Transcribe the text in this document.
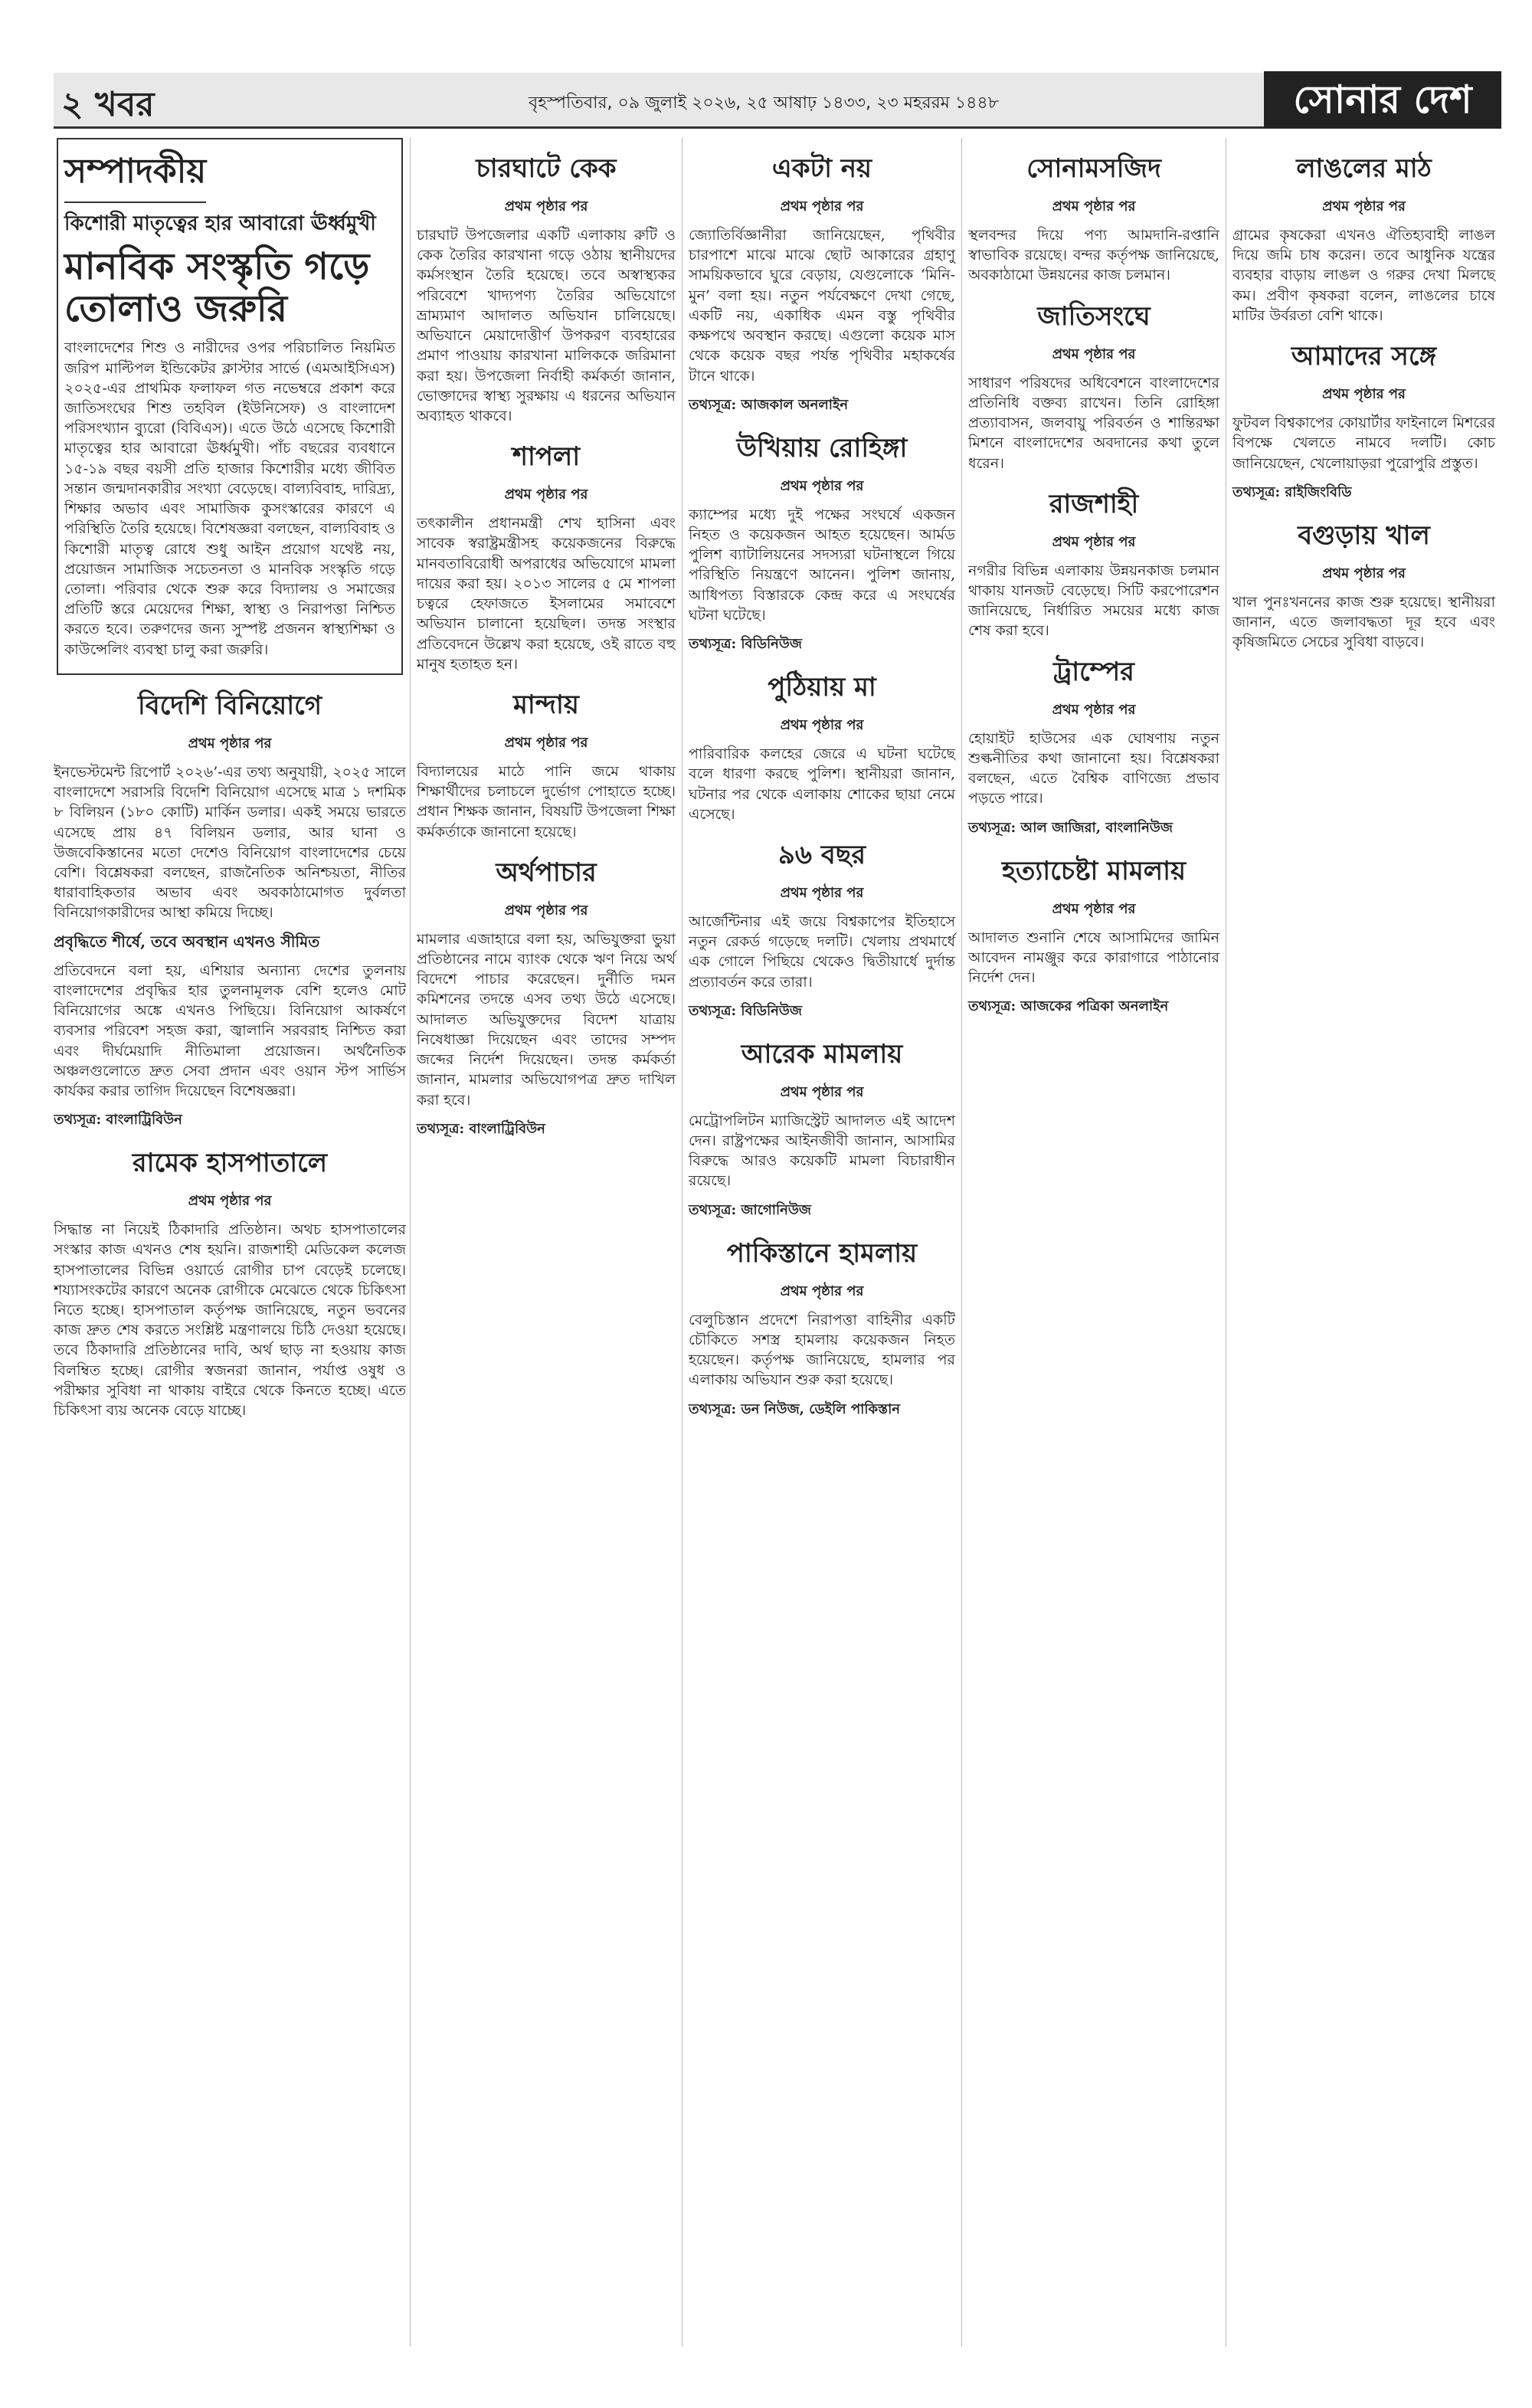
২ খবর	বৃহস্পতিবার, ০৯ জুলাই ২০২৬, ২৫ আষাঢ় ১৪৩৩, ২৩ মহররম ১৪৪৮	সোনার দেশ
সম্পাদকীয়
কিশোরী মাতৃত্বের হার আবারো ঊর্ধ্বমুখী
মানবিক সংস্কৃতি গড়ে তোলাও জরুরি

বাংলাদেশের শিশু ও নারীদের ওপর পরিচালিত নিয়মিত জরিপ মাল্টিপল ইন্ডিকেটর ক্লাস্টার সার্ভে (এমআইসিএস) ২০২৫-এর প্রাথমিক ফলাফল গত নভেম্বরে প্রকাশ করে জাতিসংঘের শিশু তহবিল (ইউনিসেফ) ও বাংলাদেশ পরিসংখ্যান ব্যুরো (বিবিএস)। এতে উঠে এসেছে কিশোরী মাতৃত্বের হার আবারো ঊর্ধ্বমুখী। পাঁচ বছরের ব্যবধানে ১৫-১৯ বছর বয়সী প্রতি হাজার কিশোরীর মধ্যে জীবিত সন্তান জন্মদানকারীর সংখ্যা বেড়েছে। বাল্যবিবাহ, দারিদ্র্য, শিক্ষার অভাব এবং সামাজিক কুসংস্কারের কারণে এ পরিস্থিতি তৈরি হয়েছে। বিশেষজ্ঞরা বলছেন, বাল্যবিবাহ ও কিশোরী মাতৃত্ব রোধে শুধু আইন প্রয়োগ যথেষ্ট নয়, প্রয়োজন সামাজিক সচেতনতা ও মানবিক সংস্কৃতি গড়ে তোলা। পরিবার থেকে শুরু করে বিদ্যালয় ও সমাজের প্রতিটি স্তরে মেয়েদের শিক্ষা, স্বাস্থ্য ও নিরাপত্তা নিশ্চিত করতে হবে। তরুণদের জন্য সুস্পষ্ট প্রজনন স্বাস্থ্যশিক্ষা ও কাউন্সেলিং ব্যবস্থা চালু করা জরুরি।

বিদেশি বিনিয়োগে
প্রথম পৃষ্ঠার পর

ইনভেস্টমেন্ট রিপোর্ট ২০২৬’-এর তথ্য অনুযায়ী, ২০২৫ সালে বাংলাদেশে সরাসরি বিদেশি বিনিয়োগ এসেছে মাত্র ১ দশমিক ৮ বিলিয়ন (১৮০ কোটি) মার্কিন ডলার। একই সময়ে ভারতে এসেছে প্রায় ৪৭ বিলিয়ন ডলার, আর ঘানা ও উজবেকিস্তানের মতো দেশেও বিনিয়োগ বাংলাদেশের চেয়ে বেশি। বিশ্লেষকরা বলছেন, রাজনৈতিক অনিশ্চয়তা, নীতির ধারাবাহিকতার অভাব এবং অবকাঠামোগত দুর্বলতা বিনিয়োগকারীদের আস্থা কমিয়ে দিচ্ছে।

প্রবৃদ্ধিতে শীর্ষে, তবে অবস্থান এখনও সীমিত

প্রতিবেদনে বলা হয়, এশিয়ার অন্যান্য দেশের তুলনায় বাংলাদেশের প্রবৃদ্ধির হার তুলনামূলক বেশি হলেও মোট বিনিয়োগের অঙ্কে এখনও পিছিয়ে। বিনিয়োগ আকর্ষণে ব্যবসার পরিবেশ সহজ করা, জ্বালানি সরবরাহ নিশ্চিত করা এবং দীর্ঘমেয়াদি নীতিমালা প্রয়োজন। অর্থনৈতিক অঞ্চলগুলোতে দ্রুত সেবা প্রদান এবং ওয়ান স্টপ সার্ভিস কার্যকর করার তাগিদ দিয়েছেন বিশেষজ্ঞরা।

তথ্যসূত্র: বাংলাট্রিবিউন
রামেক হাসপাতালে
প্রথম পৃষ্ঠার পর

সিদ্ধান্ত না নিয়েই ঠিকাদারি প্রতিষ্ঠান। অথচ হাসপাতালের সংস্কার কাজ এখনও শেষ হয়নি। রাজশাহী মেডিকেল কলেজ হাসপাতালের বিভিন্ন ওয়ার্ডে রোগীর চাপ বেড়েই চলেছে। শয্যাসংকটের কারণে অনেক রোগীকে মেঝেতে থেকে চিকিৎসা নিতে হচ্ছে। হাসপাতাল কর্তৃপক্ষ জানিয়েছে, নতুন ভবনের কাজ দ্রুত শেষ করতে সংশ্লিষ্ট মন্ত্রণালয়ে চিঠি দেওয়া হয়েছে। তবে ঠিকাদারি প্রতিষ্ঠানের দাবি, অর্থ ছাড় না হওয়ায় কাজ বিলম্বিত হচ্ছে। রোগীর স্বজনরা জানান, পর্যাপ্ত ওষুধ ও পরীক্ষার সুবিধা না থাকায় বাইরে থেকে কিনতে হচ্ছে। এতে চিকিৎসা ব্যয় অনেক বেড়ে যাচ্ছে।

চারঘাটে কেক
প্রথম পৃষ্ঠার পর

চারঘাট উপজেলার একটি এলাকায় রুটি ও কেক তৈরির কারখানা গড়ে ওঠায় স্থানীয়দের কর্মসংস্থান তৈরি হয়েছে। তবে অস্বাস্থ্যকর পরিবেশে খাদ্যপণ্য তৈরির অভিযোগে ভ্রাম্যমাণ আদালত অভিযান চালিয়েছে। অভিযানে মেয়াদোত্তীর্ণ উপকরণ ব্যবহারের প্রমাণ পাওয়ায় কারখানা মালিককে জরিমানা করা হয়। উপজেলা নির্বাহী কর্মকর্তা জানান, ভোক্তাদের স্বাস্থ্য সুরক্ষায় এ ধরনের অভিযান অব্যাহত থাকবে।

শাপলা
প্রথম পৃষ্ঠার পর

তৎকালীন প্রধানমন্ত্রী শেখ হাসিনা এবং সাবেক স্বরাষ্ট্রমন্ত্রীসহ কয়েকজনের বিরুদ্ধে মানবতাবিরোধী অপরাধের অভিযোগে মামলা দায়ের করা হয়। ২০১৩ সালের ৫ মে শাপলা চত্বরে হেফাজতে ইসলামের সমাবেশে অভিযান চালানো হয়েছিল। তদন্ত সংস্থার প্রতিবেদনে উল্লেখ করা হয়েছে, ওই রাতে বহু মানুষ হতাহত হন।

মান্দায়
প্রথম পৃষ্ঠার পর

বিদ্যালয়ের মাঠে পানি জমে থাকায় শিক্ষার্থীদের চলাচলে দুর্ভোগ পোহাতে হচ্ছে। প্রধান শিক্ষক জানান, বিষয়টি উপজেলা শিক্ষা কর্মকর্তাকে জানানো হয়েছে।

অর্থপাচার
প্রথম পৃষ্ঠার পর

মামলার এজাহারে বলা হয়, অভিযুক্তরা ভুয়া প্রতিষ্ঠানের নামে ব্যাংক থেকে ঋণ নিয়ে অর্থ বিদেশে পাচার করেছেন। দুর্নীতি দমন কমিশনের তদন্তে এসব তথ্য উঠে এসেছে। আদালত অভিযুক্তদের বিদেশ যাত্রায় নিষেধাজ্ঞা দিয়েছেন এবং তাদের সম্পদ জব্দের নির্দেশ দিয়েছেন। তদন্ত কর্মকর্তা জানান, মামলার অভিযোগপত্র দ্রুত দাখিল করা হবে।

তথ্যসূত্র: বাংলাট্রিবিউন
একটা নয়
প্রথম পৃষ্ঠার পর

জ্যোতির্বিজ্ঞানীরা জানিয়েছেন, পৃথিবীর চারপাশে মাঝে মাঝে ছোট আকারের গ্রহাণু সাময়িকভাবে ঘুরে বেড়ায়, যেগুলোকে ‘মিনি-মুন’ বলা হয়। নতুন পর্যবেক্ষণে দেখা গেছে, একটি নয়, একাধিক এমন বস্তু পৃথিবীর কক্ষপথে অবস্থান করছে। এগুলো কয়েক মাস থেকে কয়েক বছর পর্যন্ত পৃথিবীর মহাকর্ষের টানে থাকে।

তথ্যসূত্র: আজকাল অনলাইন
উখিয়ায় রোহিঙ্গা
প্রথম পৃষ্ঠার পর

ক্যাম্পের মধ্যে দুই পক্ষের সংঘর্ষে একজন নিহত ও কয়েকজন আহত হয়েছেন। আর্মড পুলিশ ব্যাটালিয়নের সদস্যরা ঘটনাস্থলে গিয়ে পরিস্থিতি নিয়ন্ত্রণে আনেন। পুলিশ জানায়, আধিপত্য বিস্তারকে কেন্দ্র করে এ সংঘর্ষের ঘটনা ঘটেছে।

তথ্যসূত্র: বিডিনিউজ
পুঠিয়ায় মা
প্রথম পৃষ্ঠার পর

পারিবারিক কলহের জেরে এ ঘটনা ঘটেছে বলে ধারণা করছে পুলিশ। স্থানীয়রা জানান, ঘটনার পর থেকে এলাকায় শোকের ছায়া নেমে এসেছে।

৯৬ বছর
প্রথম পৃষ্ঠার পর

আর্জেন্টিনার এই জয়ে বিশ্বকাপের ইতিহাসে নতুন রেকর্ড গড়েছে দলটি। খেলায় প্রথমার্ধে এক গোলে পিছিয়ে থেকেও দ্বিতীয়ার্ধে দুর্দান্ত প্রত্যাবর্তন করে তারা।

তথ্যসূত্র: বিডিনিউজ
আরেক মামলায়
প্রথম পৃষ্ঠার পর

মেট্রোপলিটন ম্যাজিস্ট্রেট আদালত এই আদেশ দেন। রাষ্ট্রপক্ষের আইনজীবী জানান, আসামির বিরুদ্ধে আরও কয়েকটি মামলা বিচারাধীন রয়েছে।

তথ্যসূত্র: জাগোনিউজ
পাকিস্তানে হামলায়
প্রথম পৃষ্ঠার পর

বেলুচিস্তান প্রদেশে নিরাপত্তা বাহিনীর একটি চৌকিতে সশস্ত্র হামলায় কয়েকজন নিহত হয়েছেন। কর্তৃপক্ষ জানিয়েছে, হামলার পর এলাকায় অভিযান শুরু করা হয়েছে।

তথ্যসূত্র: ডন নিউজ, ডেইলি পাকিস্তান
সোনামসজিদ
প্রথম পৃষ্ঠার পর

স্থলবন্দর দিয়ে পণ্য আমদানি-রপ্তানি স্বাভাবিক রয়েছে। বন্দর কর্তৃপক্ষ জানিয়েছে, অবকাঠামো উন্নয়নের কাজ চলমান।

জাতিসংঘে
প্রথম পৃষ্ঠার পর

সাধারণ পরিষদের অধিবেশনে বাংলাদেশের প্রতিনিধি বক্তব্য রাখেন। তিনি রোহিঙ্গা প্রত্যাবাসন, জলবায়ু পরিবর্তন ও শান্তিরক্ষা মিশনে বাংলাদেশের অবদানের কথা তুলে ধরেন।

রাজশাহী
প্রথম পৃষ্ঠার পর

নগরীর বিভিন্ন এলাকায় উন্নয়নকাজ চলমান থাকায় যানজট বেড়েছে। সিটি করপোরেশন জানিয়েছে, নির্ধারিত সময়ের মধ্যে কাজ শেষ করা হবে।

ট্রাম্পের
প্রথম পৃষ্ঠার পর

হোয়াইট হাউসের এক ঘোষণায় নতুন শুল্কনীতির কথা জানানো হয়। বিশ্লেষকরা বলছেন, এতে বৈশ্বিক বাণিজ্যে প্রভাব পড়তে পারে।

তথ্যসূত্র: আল জাজিরা, বাংলানিউজ
হত্যাচেষ্টা মামলায়
প্রথম পৃষ্ঠার পর

আদালত শুনানি শেষে আসামিদের জামিন আবেদন নামঞ্জুর করে কারাগারে পাঠানোর নির্দেশ দেন।

তথ্যসূত্র: আজকের পত্রিকা অনলাইন
লাঙলের মাঠ
প্রথম পৃষ্ঠার পর

গ্রামের কৃষকেরা এখনও ঐতিহ্যবাহী লাঙল দিয়ে জমি চাষ করেন। তবে আধুনিক যন্ত্রের ব্যবহার বাড়ায় লাঙল ও গরুর দেখা মিলছে কম। প্রবীণ কৃষকরা বলেন, লাঙলের চাষে মাটির উর্বরতা বেশি থাকে।

আমাদের সঙ্গে
প্রথম পৃষ্ঠার পর

ফুটবল বিশ্বকাপের কোয়ার্টার ফাইনালে মিশরের বিপক্ষে খেলতে নামবে দলটি। কোচ জানিয়েছেন, খেলোয়াড়রা পুরোপুরি প্রস্তুত।

তথ্যসূত্র: রাইজিংবিডি
বগুড়ায় খাল
প্রথম পৃষ্ঠার পর

খাল পুনঃখননের কাজ শুরু হয়েছে। স্থানীয়রা জানান, এতে জলাবদ্ধতা দূর হবে এবং কৃষিজমিতে সেচের সুবিধা বাড়বে।
